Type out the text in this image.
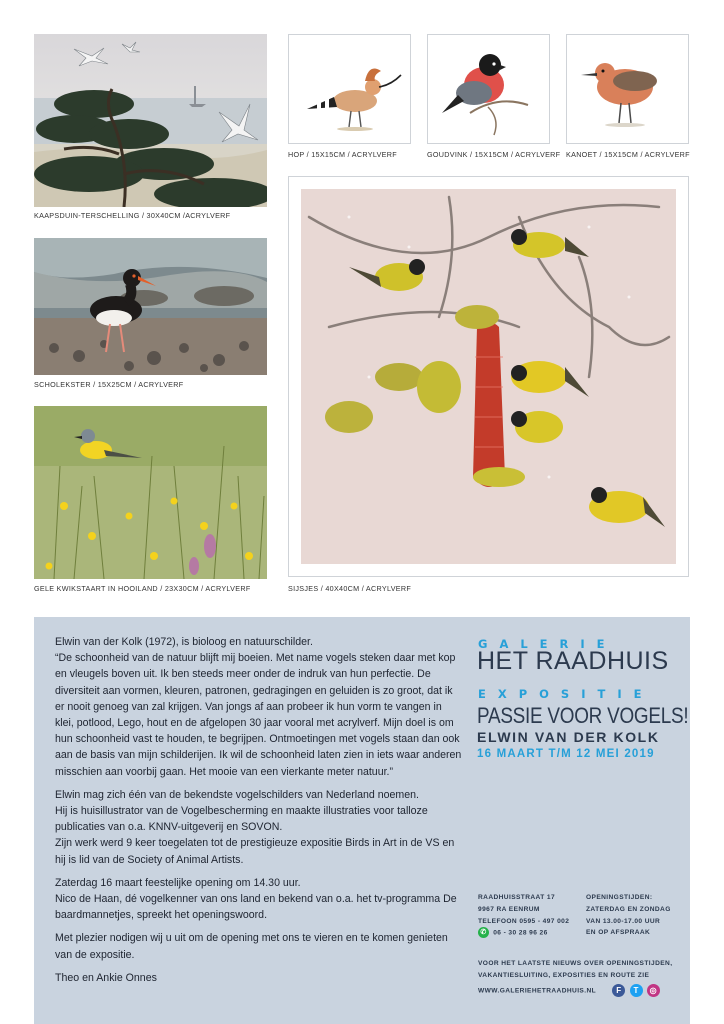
KAAPSDUIN-TERSCHELLING / 30X40CM /ACRYLVERF
HOP / 15X15CM / ACRYLVERF	GOUDVINK / 15X15CM / ACRYLVERF KANOET / 15X15CM / ACRYLVERF
SCHOLEKSTER / 15X25CM / ACRYLVERF
GELE KWIKSTAART IN HOOILAND / 23X30CM / ACRYLVERF	SIJSJES / 40X40CM / ACRYLVERF

Elwin van der Kolk (1972), is bioloog en natuurschilder.

“De schoonheid van de natuur blijft mij boeien. Met name vogels steken daar met kop en vleugels boven uit. Ik ben steeds meer onder de indruk van hun perfectie. De diversiteit aan vormen, kleuren, patronen, gedragingen en geluiden is zo groot, dat ik er nooit genoeg van zal krijgen. Van jongs af aan probeer ik hun vorm te vangen in klei, potlood, Lego, hout en de afgelopen 30 jaar vooral met acrylverf. Mijn doel is om hun schoonheid vast te houden, te begrijpen. Ontmoetingen met vogels staan dan ook aan de basis van mijn schilderijen. Ik wil de schoonheid laten zien in iets waar anderen misschien aan voorbij gaan. Het mooie van een vierkante meter natuur.”

Elwin mag zich één van de bekendste vogelschilders van Nederland noemen.

Hij is huisillustrator van de Vogelbescherming en maakte illustraties voor talloze publicaties van o.a. KNNV-uitgeverij en SOVON.

Zijn werk werd 9 keer toegelaten tot de prestigieuze expositie Birds in Art in de VS en hij is lid van de Society of Animal Artists.

Zaterdag 16 maart feestelijke opening om 14.30 uur.

Nico de Haan, dé vogelkenner van ons land en bekend van o.a. het tv-programma De baardmannetjes, spreekt het openingswoord.

Met plezier nodigen wij u uit om de opening met ons te vieren en te komen genieten van de expositie.

Theo en Ankie Onnes

GALERIE
HET RAADHUIS
EXPOSITIE
PASSIE VOOR VOGELS!
ELWIN VAN DER KOLK
16 MAART T/M 12 MEI 2019
RAADHUISSTRAAT 17
9967 RA EENRUM
TELEFOON 0595 - 497 002
✆ 06 - 30 28 96 26
OPENINGSTIJDEN:
ZATERDAG EN ZONDAG
VAN 13.00-17.00 UUR
EN OP AFSPRAAK
VOOR HET LAATSTE NIEUWS OVER OPENINGSTIJDEN,
VAKANTIESLUITING, EXPOSITIES EN ROUTE ZIE
WWW.GALERIEHETRAADHUIS.NL	F T ◎
